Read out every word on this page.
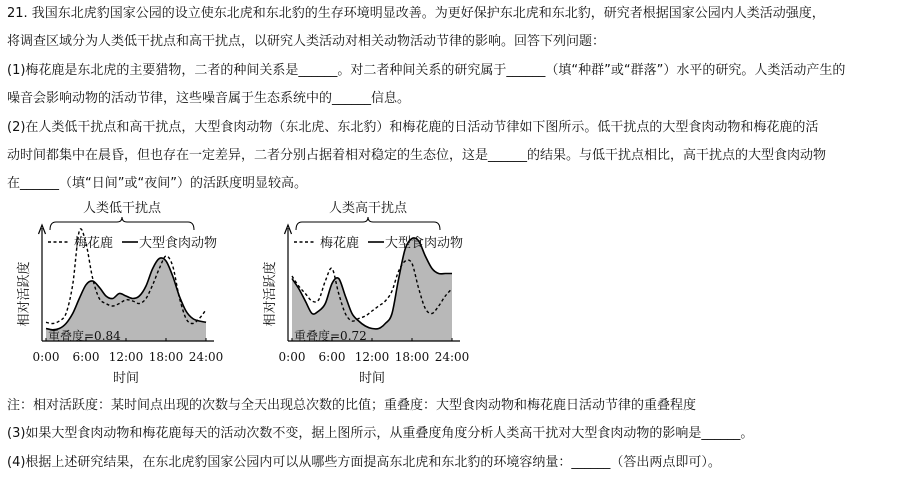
21. 我国东北虎豹国家公园的设立使东北虎和东北豹的生存环境明显改善。为更好保护东北虎和东北豹，研究者根据国家公园内人类活动强度，
将调查区域分为人类低干扰点和高干扰点，以研究人类活动对相关动物活动节律的影响。回答下列问题：
(1)梅花鹿是东北虎的主要猎物，二者的种间关系是______。对二者种间关系的研究属于______（填“种群”或“群落”）水平的研究。人类活动产生的
噪音会影响动物的活动节律，这些噪音属于生态系统中的______信息。
(2)在人类低干扰点和高干扰点，大型食肉动物（东北虎、东北豹）和梅花鹿的日活动节律如下图所示。低干扰点的大型食肉动物和梅花鹿的活
动时间都集中在晨昏，但也存在一定差异，二者分别占据着相对稳定的生态位，这是______的结果。与低干扰点相比，高干扰点的大型食肉动物
在______（填“日间”或“夜间”）的活跃度明显较高。
0:00 6:00 12:00 18:00 24:00
时间
相对活跃度
人类低干扰点
梅花鹿 大型食肉动物
重叠度=0.84
0:00 6:00 12:00 18:00 24:00
时间
相对活跃度
人类高干扰点
梅花鹿 大型食肉动物
重叠度=0.72
注：相对活跃度：某时间点出现的次数与全天出现总次数的比值；重叠度：大型食肉动物和梅花鹿日活动节律的重叠程度
(3)如果大型食肉动物和梅花鹿每天的活动次数不变，据上图所示，从重叠度角度分析人类高干扰对大型食肉动物的影响是______。
(4)根据上述研究结果，在东北虎豹国家公园内可以从哪些方面提高东北虎和东北豹的环境容纳量：______（答出两点即可）。
